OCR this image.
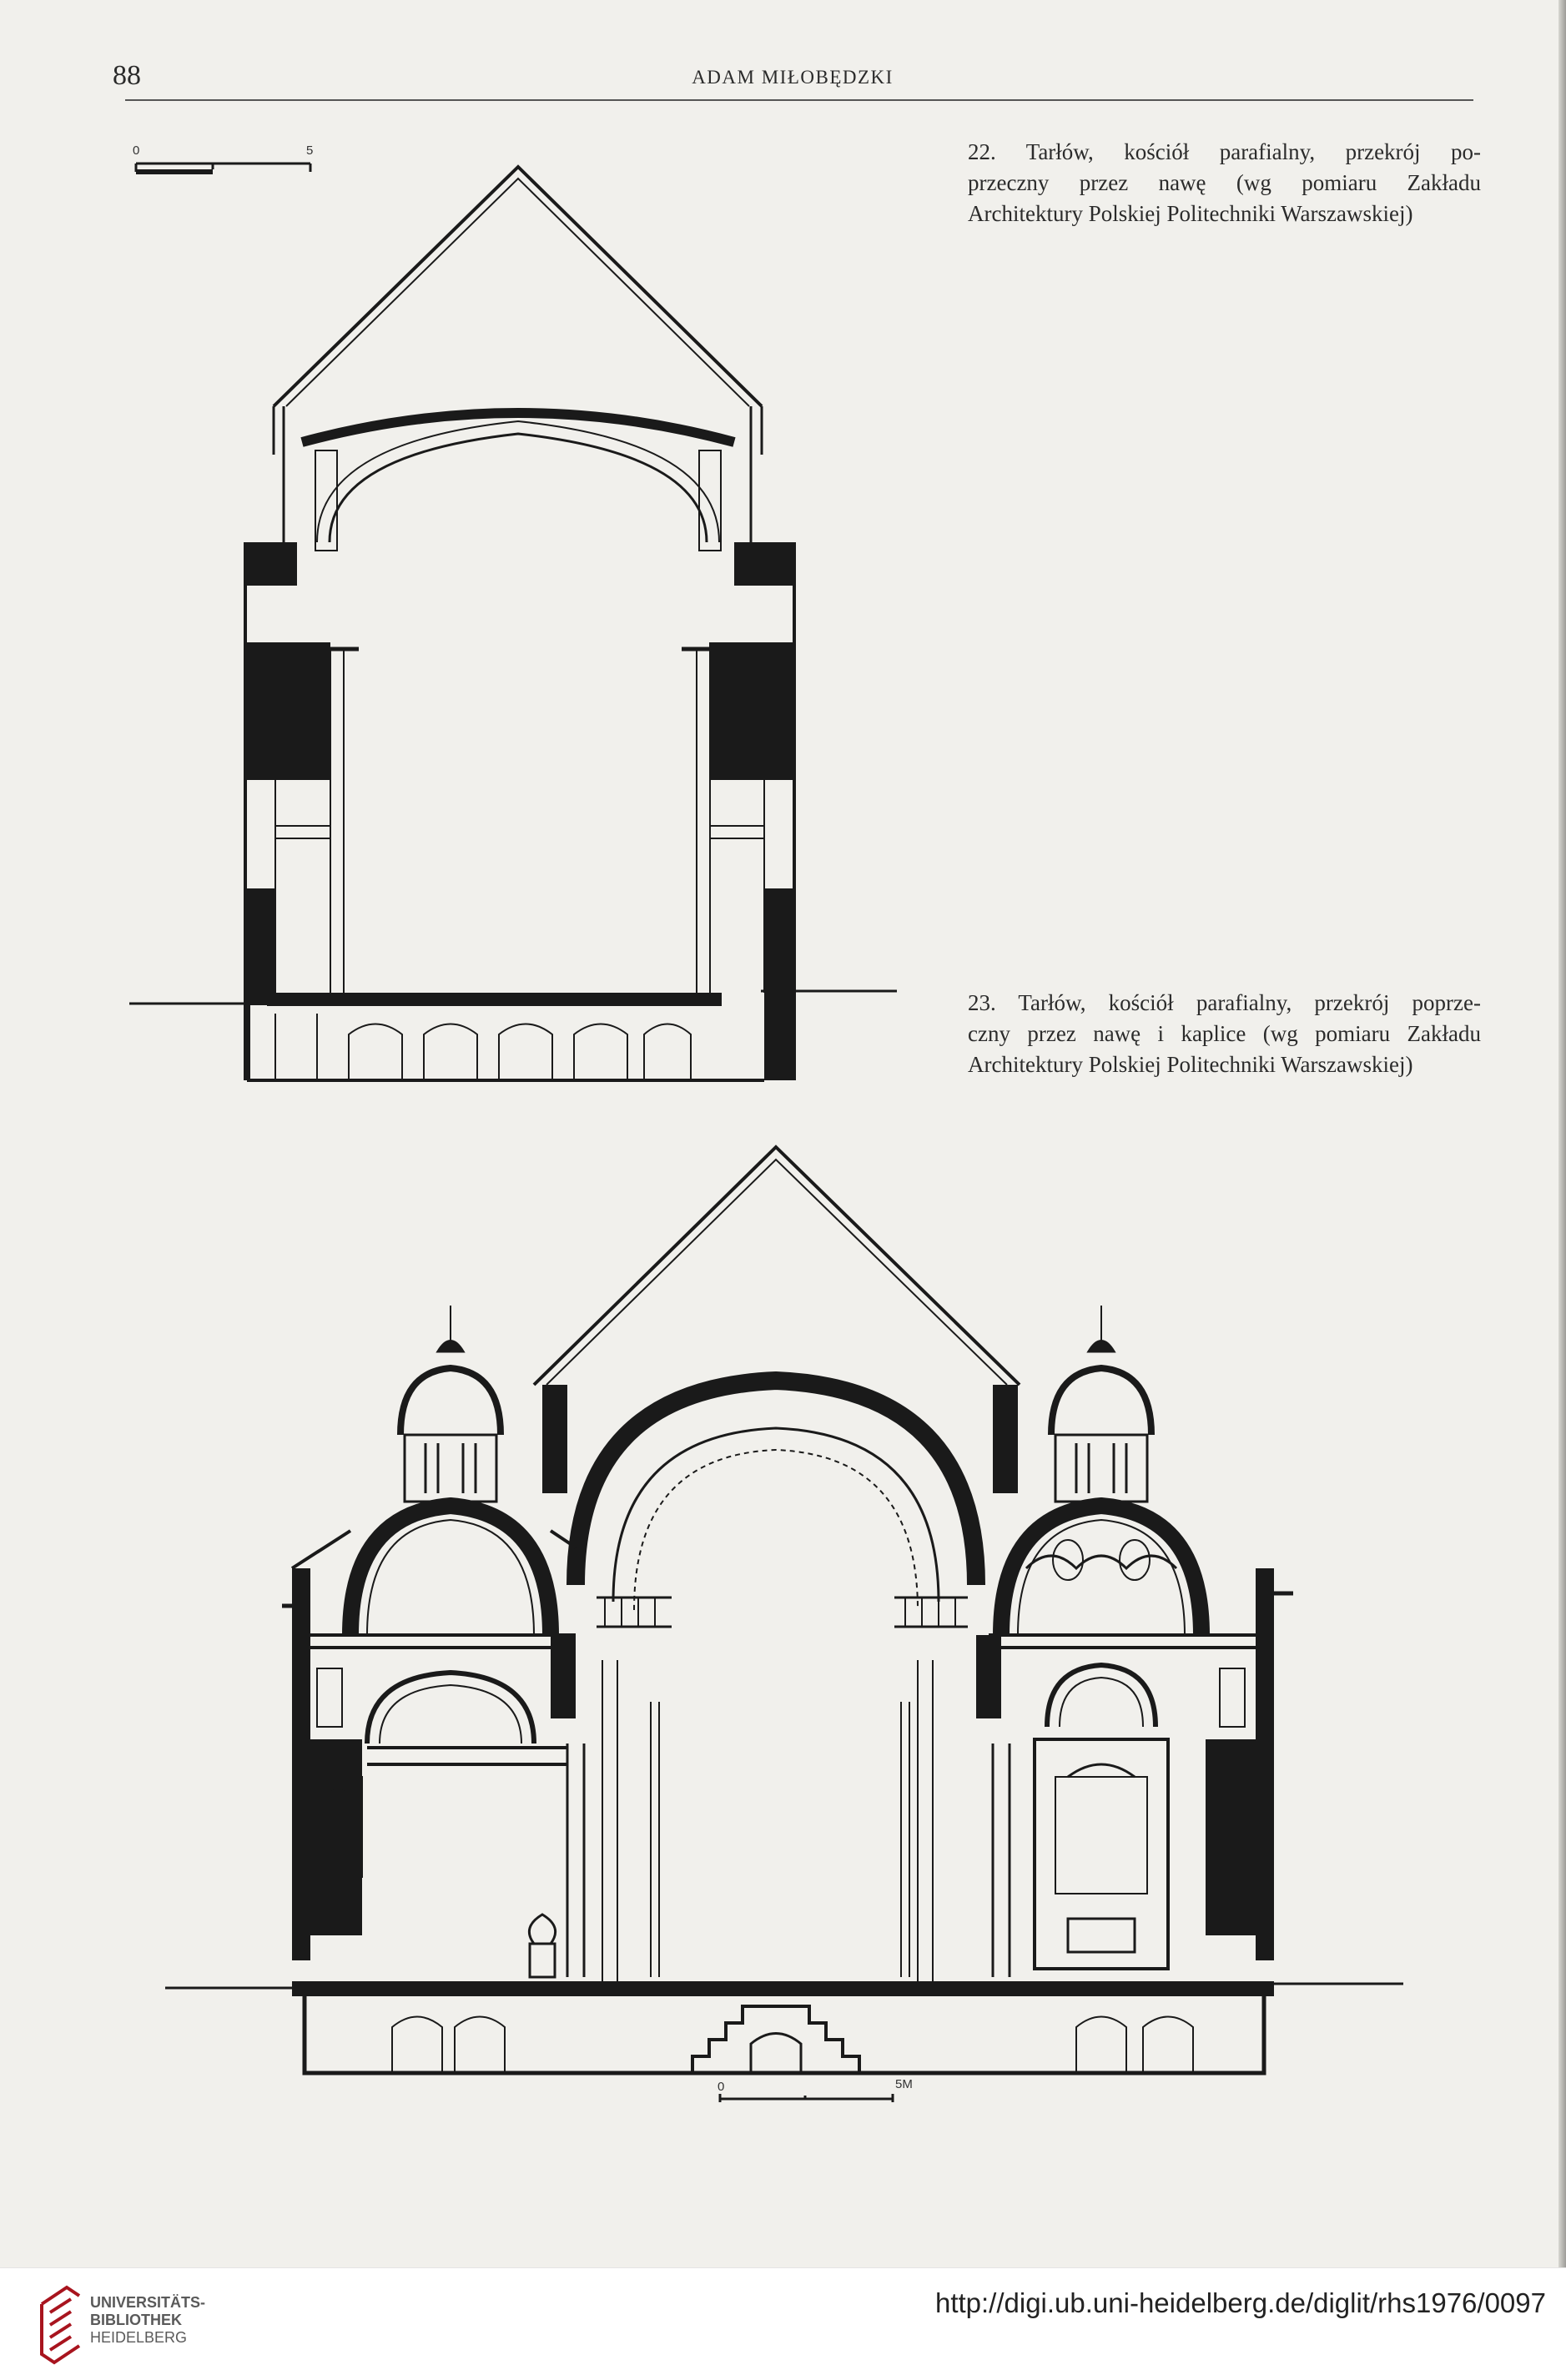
88	ADAM MIŁOBĘDZKI
22. Tarłów, kościół parafialny, przekrój po-
przeczny przez nawę (wg pomiaru Zakładu
Architektury Polskiej Politechniki Warszawskiej)
23. Tarłów, kościół parafialny, przekrój poprze-
czny przez nawę i kaplice (wg pomiaru Zakładu
Architektury Polskiej Politechniki Warszawskiej)
0	5
0	5M
UNIVERSITÄTS-
BIBLIOTHEK
HEIDELBERG
http://digi.ub.uni-heidelberg.de/diglit/rhs1976/0097
